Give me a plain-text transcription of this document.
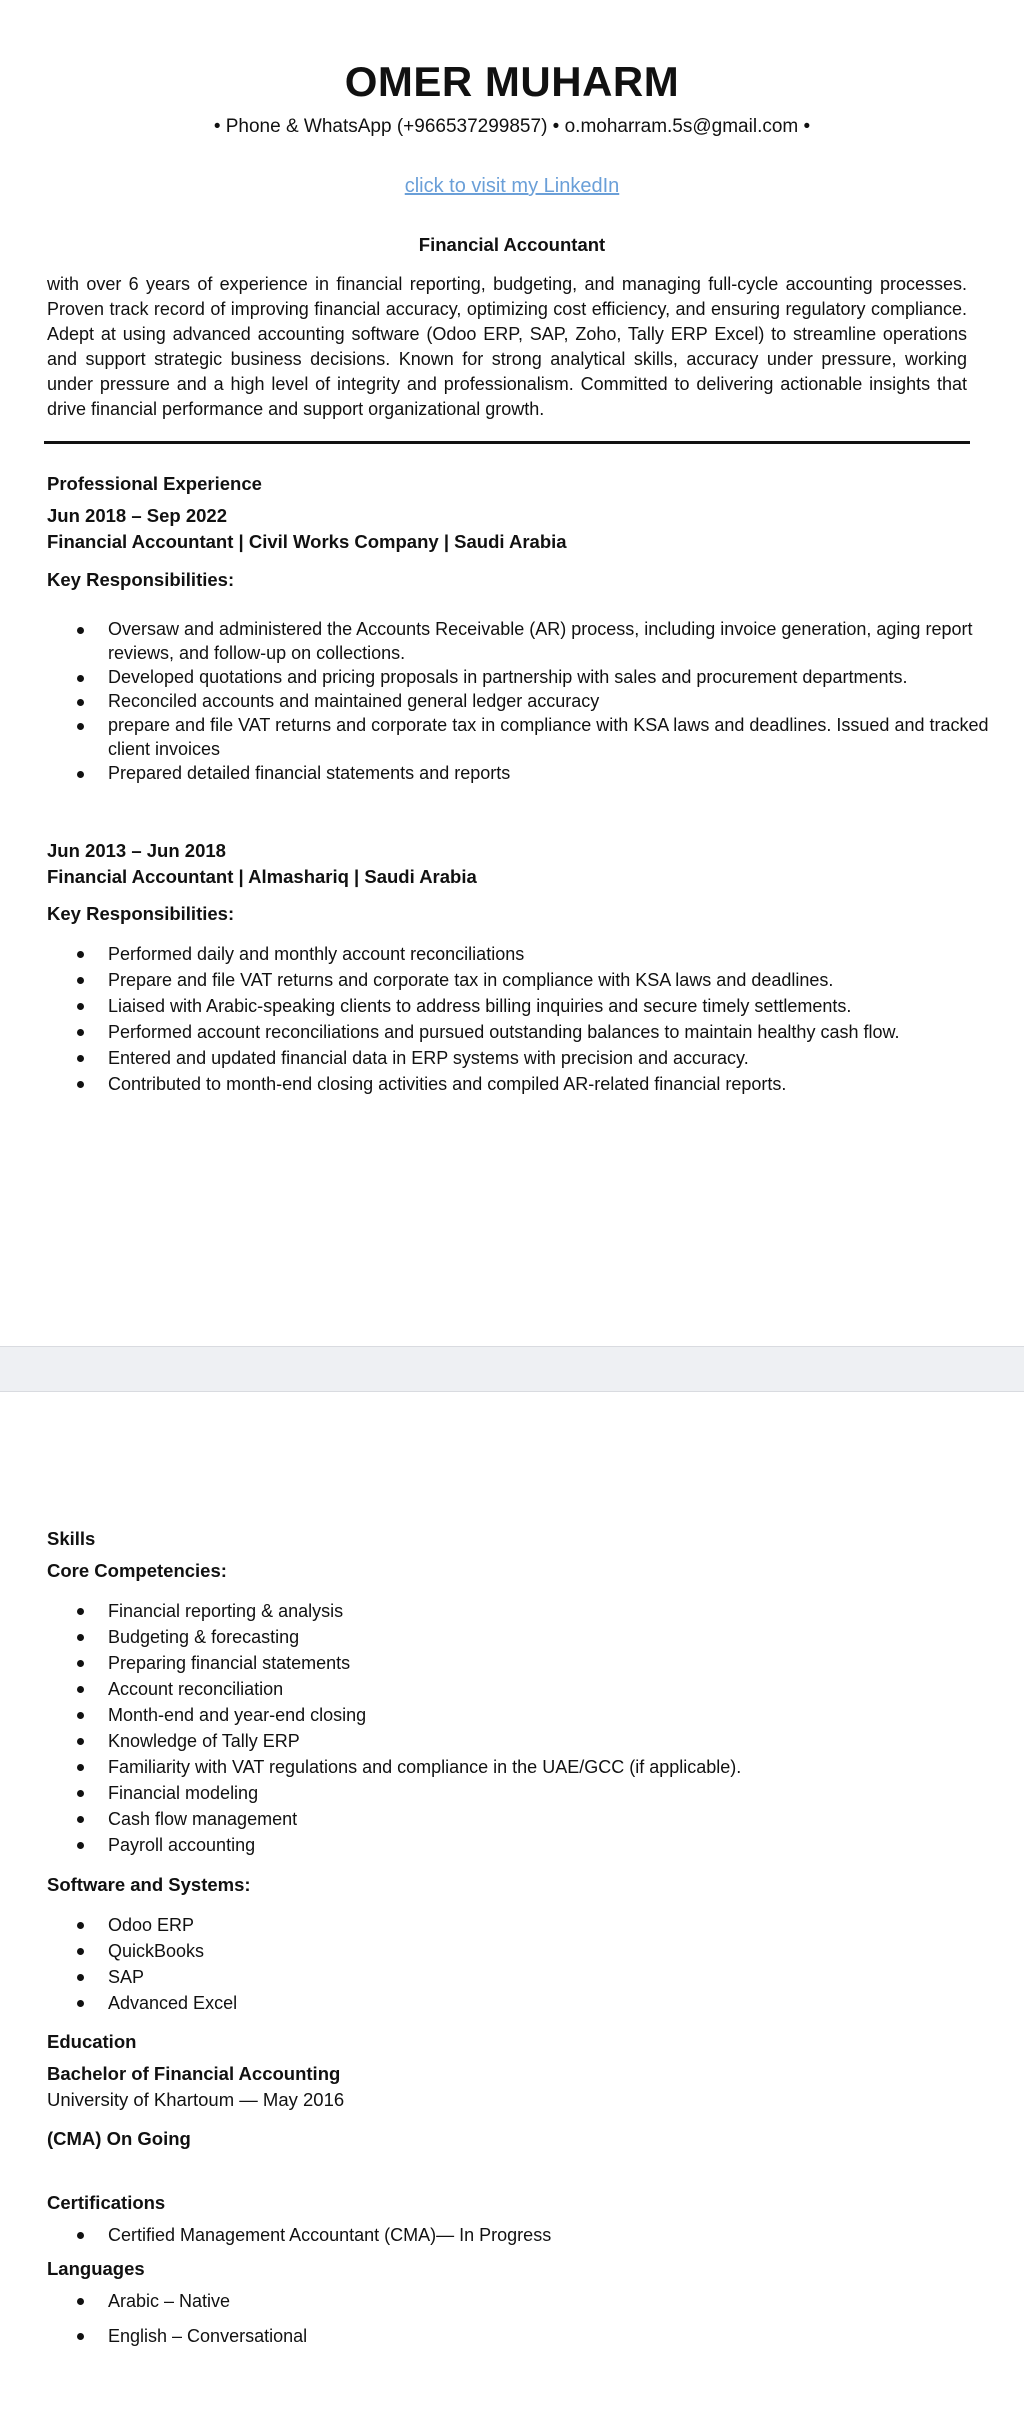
OMER MUHARM
• Phone & WhatsApp (+966537299857) • o.moharram.5s@gmail.com •
click to visit my LinkedIn
Financial Accountant

with over 6 years of experience in financial reporting, budgeting, and managing full-cycle accounting processes. Proven track record of improving financial accuracy, optimizing cost efficiency, and ensuring regulatory compliance. Adept at using advanced accounting software (Odoo ERP, SAP, Zoho, Tally ERP Excel) to streamline operations and support strategic business decisions. Known for strong analytical skills, accuracy under pressure, working under pressure and a high level of integrity and professionalism. Committed to delivering actionable insights that drive financial performance and support organizational growth.

Professional Experience
Jun 2018 – Sep 2022
Financial Accountant | Civil Works Company | Saudi Arabia
Key Responsibilities:
Oversaw and administered the Accounts Receivable (AR) process, including invoice generation, aging report reviews, and follow-up on collections.
Developed quotations and pricing proposals in partnership with sales and procurement departments.
Reconciled accounts and maintained general ledger accuracy
prepare and file VAT returns and corporate tax in compliance with KSA laws and deadlines. Issued and tracked client invoices
Prepared detailed financial statements and reports
Jun 2013 – Jun 2018
Financial Accountant | Almashariq | Saudi Arabia
Key Responsibilities:
Performed daily and monthly account reconciliations
Prepare and file VAT returns and corporate tax in compliance with KSA laws and deadlines.
Liaised with Arabic-speaking clients to address billing inquiries and secure timely settlements.
Performed account reconciliations and pursued outstanding balances to maintain healthy cash flow.
Entered and updated financial data in ERP systems with precision and accuracy.
Contributed to month-end closing activities and compiled AR-related financial reports.
Skills
Core Competencies:
Financial reporting & analysis
Budgeting & forecasting
Preparing financial statements
Account reconciliation
Month-end and year-end closing
Knowledge of Tally ERP
Familiarity with VAT regulations and compliance in the UAE/GCC (if applicable).
Financial modeling
Cash flow management
Payroll accounting
Software and Systems:
Odoo ERP
QuickBooks
SAP
Advanced Excel
Education
Bachelor of Financial Accounting
University of Khartoum — May 2016
(CMA) On Going
Certifications
Certified Management Accountant (CMA)— In Progress
Languages
Arabic – Native
English – Conversational
